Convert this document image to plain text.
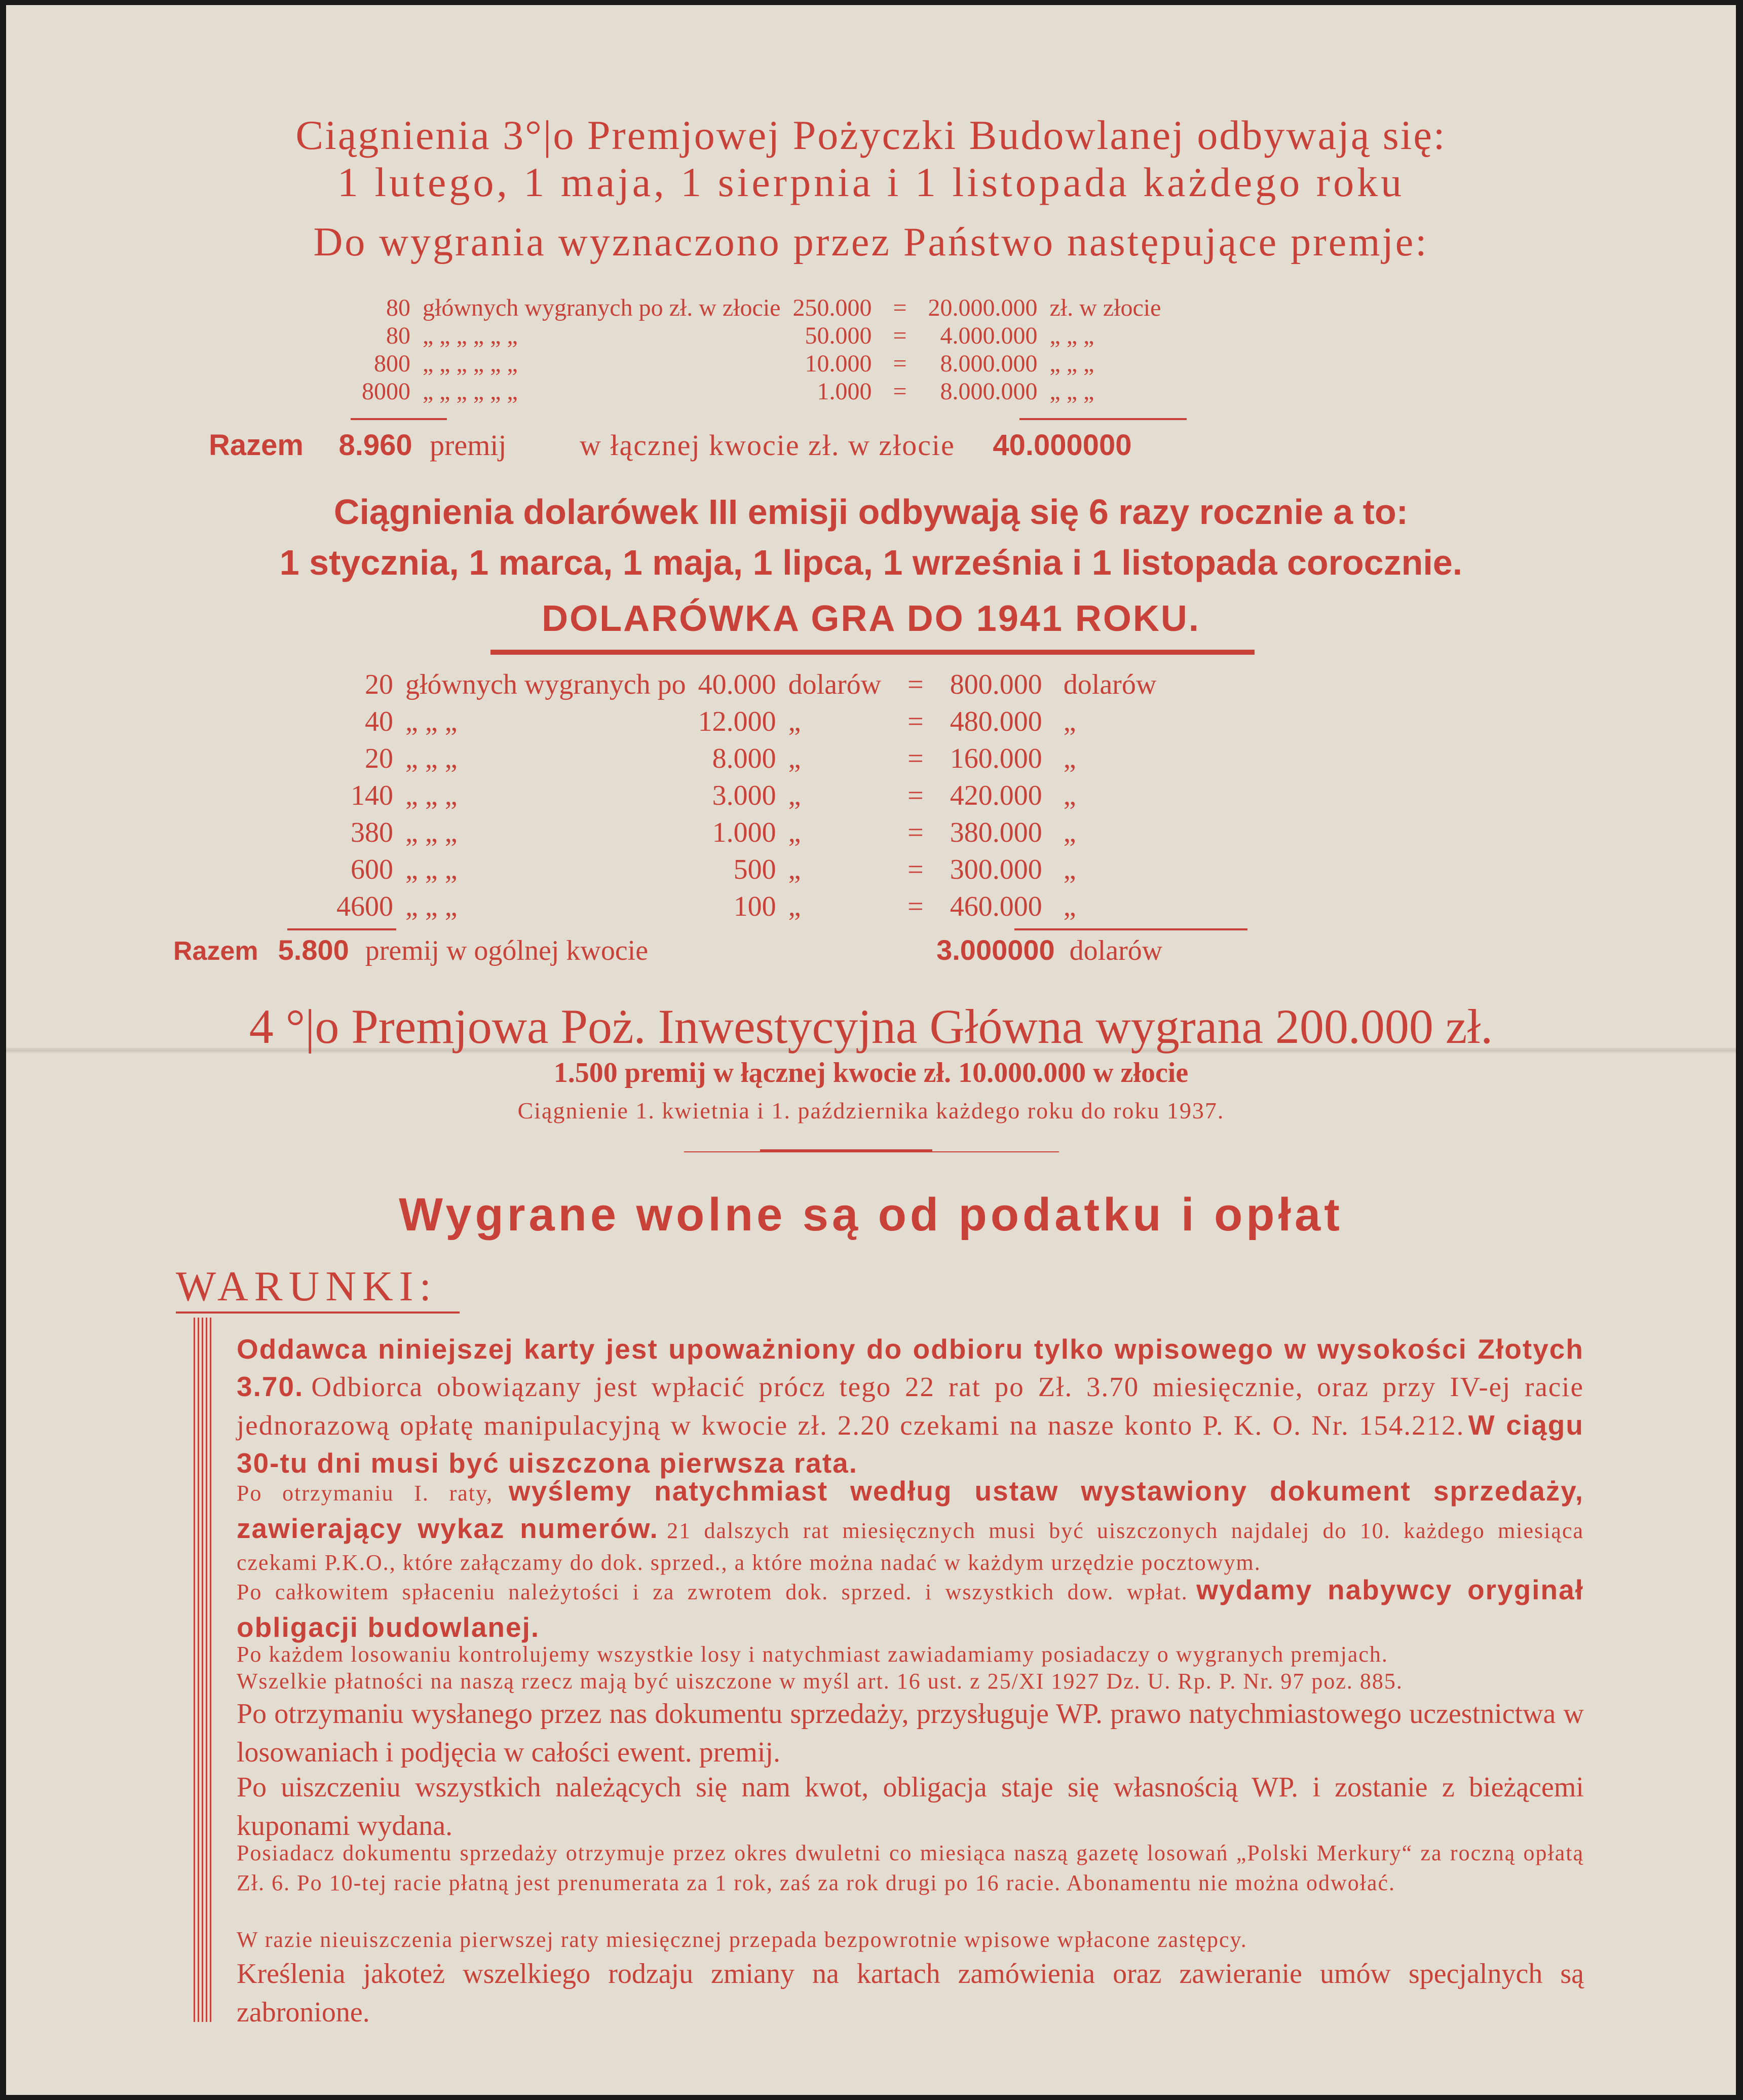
Ciągnienia 3°|o Premjowej Pożyczki Budowlanej odbywają się:

1 lutego, 1 maja, 1 sierpnia i 1 listopada każdego roku

Do wygrania wyznaczono przez Państwo następujące premje:

80	głównych wygranych po zł. w złocie	250.000	=	20.000.000	zł. w złocie
80	„ „ „ „ „ „	50.000	=	4.000.000	„ „ „
800	„ „ „ „ „ „	10.000	=	8.000.000	„ „ „
8000	„ „ „ „ „ „	1.000	=	8.000.000	„ „ „
Razem 8.960 premij w łącznej kwocie zł. w złocie 40.000000

Ciągnienia dolarówek III emisji odbywają się 6 razy rocznie a to:

1 stycznia, 1 marca, 1 maja, 1 lipca, 1 września i 1 listopada corocznie.

DOLARÓWKA GRA DO 1941 ROKU.

20	głównych wygranych po	40.000	dolarów	=	800.000	dolarów
40	„ „ „	12.000	„	=	480.000	„
20	„ „ „	8.000	„	=	160.000	„
140	„ „ „	3.000	„	=	420.000	„
380	„ „ „	1.000	„	=	380.000	„
600	„ „ „	500	„	=	300.000	„
4600	„ „ „	100	„	=	460.000	„
Razem 5.800 premij w ogólnej kwocie	3.000000 dolarów

4 °|o Premjowa Poż. Inwestycyjna Główna wygrana 200.000 zł.

1.500 premij w łącznej kwocie zł. 10.000.000 w złocie

Ciągnienie 1. kwietnia i 1. października każdego roku do roku 1937.

Wygrane wolne są od podatku i opłat

WARUNKI:

Oddawca niniejszej karty jest upoważniony do odbioru tylko wpisowego w wysokości Złotych 3.70. Odbiorca obowiązany jest wpłacić prócz tego 22 rat po Zł. 3.70 miesięcznie, oraz przy IV-ej racie jednorazową opłatę manipulacyjną w kwocie zł. 2.20 czekami na nasze konto P. K. O. Nr. 154.212. W ciągu 30-tu dni musi być uiszczona pierwsza rata.

Po otrzymaniu I. raty, wyślemy natychmiast według ustaw wystawiony dokument sprzedaży, zawierający wykaz numerów. 21 dalszych rat miesięcznych musi być uiszczonych najdalej do 10. każdego miesiąca czekami P.K.O., które załączamy do dok. sprzed., a które można nadać w każdym urzędzie pocztowym.

Po całkowitem spłaceniu należytości i za zwrotem dok. sprzed. i wszystkich dow. wpłat. wydamy nabywcy oryginał obligacji budowlanej.

Po każdem losowaniu kontrolujemy wszystkie losy i natychmiast zawiadamiamy posiadaczy o wygranych premjach.

Wszelkie płatności na naszą rzecz mają być uiszczone w myśl art. 16 ust. z 25/XI 1927 Dz. U. Rp. P. Nr. 97 poz. 885.

Po otrzymaniu wysłanego przez nas dokumentu sprzedaży, przysługuje WP. prawo natychmiastowego uczestnictwa w losowaniach i podjęcia w całości ewent. premij.

Po uiszczeniu wszystkich należących się nam kwot, obligacja staje się własnością WP. i zostanie z bieżącemi kuponami wydana.

Posiadacz dokumentu sprzedaży otrzymuje przez okres dwuletni co miesiąca naszą gazetę losowań „Polski Merkury“ za roczną opłatą Zł. 6. Po 10-tej racie płatną jest prenumerata za 1 rok, zaś za rok drugi po 16 racie. Abonamentu nie można odwołać.

W razie nieuiszczenia pierwszej raty miesięcznej przepada bezpowrotnie wpisowe wpłacone zastępcy.

Kreślenia jakoteż wszelkiego rodzaju zmiany na kartach zamówienia oraz zawieranie umów specjalnych są zabronione.
